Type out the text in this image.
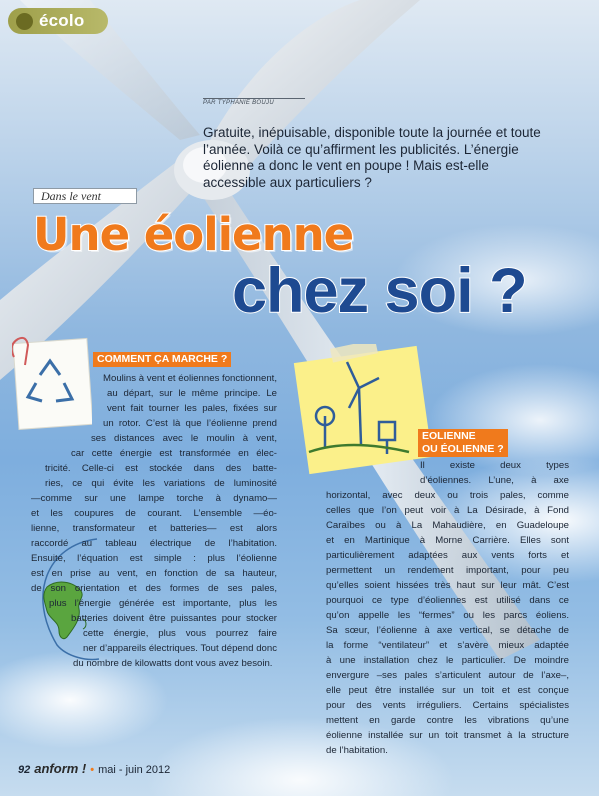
écolo
PAR TYPHANIE BOUJU

Gratuite, inépuisable, disponible toute la journée et toute l’année. Voilà ce qu’affirment les publicités. L’énergie éolienne a donc le vent en poupe ! Mais est-elle accessible aux particuliers ?

Dans le vent
Une éolienne
chez soi ?
COMMENT ÇA MARCHE ?
EOLIENNE
OU ÉOLIENNE ?
Moulins à vent et éoliennes fonctionnent,
au départ, sur le même principe. Le
vent fait tourner les pales, fixées sur
un rotor. C’est là que l’éolienne prend
ses distances avec le moulin à vent,
car cette énergie est transformée en élec-
tricité. Celle-ci est stockée dans des batte-
ries, ce qui évite les variations de luminosité
—comme sur une lampe torche à dynamo—
et les coupures de courant. L’ensemble —éo-
lienne, transformateur et batteries— est alors
raccordé au tableau électrique de l’habitation.
Ensuite, l’équation est simple : plus l’éolienne
est en prise au vent, en fonction de sa hauteur,
de son orientation et des formes de ses pales,
plus l’énergie générée est importante, plus les
batteries doivent être puissantes pour stocker
cette énergie, plus vous pourrez faire
ner d’appareils électriques. Tout dépend donc
du nombre de kilowatts dont vous avez besoin.
Il existe deux types
d’éoliennes. L’une, à axe
horizontal, avec deux ou trois pales, comme
celles que l’on peut voir à La Désirade, à Fond
Caraïbes ou à La Mahaudière, en Guadeloupe
et en Martinique à Morne Carrière. Elles sont
particulièrement adaptées aux vents forts et
permettent un rendement important, pour peu
qu’elles soient hissées très haut sur leur mât. C’est
pourquoi ce type d’éoliennes est utilisé dans ce
qu’on appelle les “fermes” ou les parcs éoliens.
Sa sœur, l’éolienne à axe vertical, se détache de
la forme “ventilateur” et s’avère mieux adaptée
à une installation chez le particulier. De moindre
envergure –ses pales s’articulent autour de l’axe–,
elle peut être installée sur un toit et est conçue
pour des vents irréguliers. Certains spécialistes
mettent en garde contre les vibrations qu’une
éolienne installée sur un toit transmet à la structure
de l’habitation.
92 anform ! • mai - juin 2012
